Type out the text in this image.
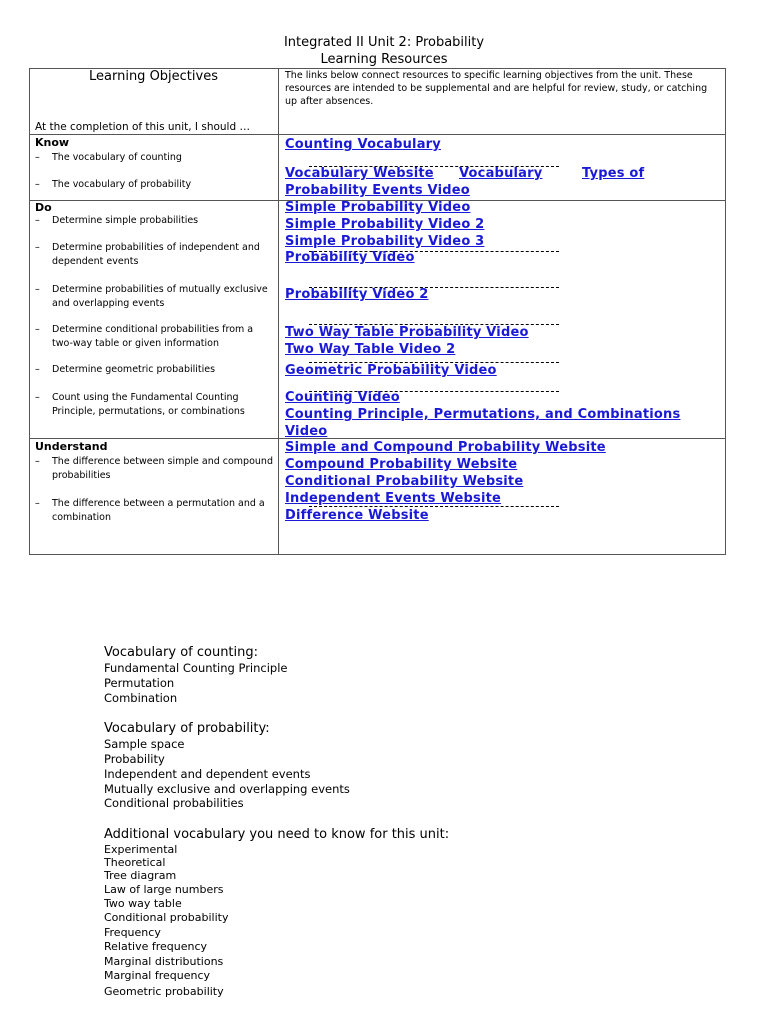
Integrated II Unit 2: Probability
Learning Resources
Learning Objectives	The links below connect resources to specific learning objectives from the unit. These resources are intended to be supplemental and are helpful for review, study, or catching up after absences.
At the completion of this unit, I should …
Know
– The vocabulary of counting
– The vocabulary of probability
Do
– Determine simple probabilities
– Determine probabilities of independent and dependent events
– Determine probabilities of mutually exclusive and overlapping events
– Determine conditional probabilities from a two-way table or given information
– Determine geometric probabilities
– Count using the Fundamental Counting Principle, permutations, or combinations
Understand
– The difference between simple and compound probabilities
– The difference between a permutation and a combination
Counting Vocabulary
Vocabulary Website Vocabulary	Types of
Probability Events Video
Simple Probability Video
Simple Probability Video 2
Simple Probability Video 3
Probability Video
Probability Video 2
Two Way Table Probability Video
Two Way Table Video 2
Geometric Probability Video
Counting Video
Counting Principle, Permutations, and Combinations
Video
Simple and Compound Probability Website
Compound Probability Website
Conditional Probability Website
Independent Events Website
Difference Website
Vocabulary of counting:
Fundamental Counting Principle
Permutation
Combination
Vocabulary of probability:
Sample space
Probability
Independent and dependent events
Mutually exclusive and overlapping events
Conditional probabilities
Additional vocabulary you need to know for this unit:
Experimental
Theoretical
Tree diagram
Law of large numbers
Two way table
Conditional probability
Frequency
Relative frequency
Marginal distributions
Marginal frequency
Geometric probability
